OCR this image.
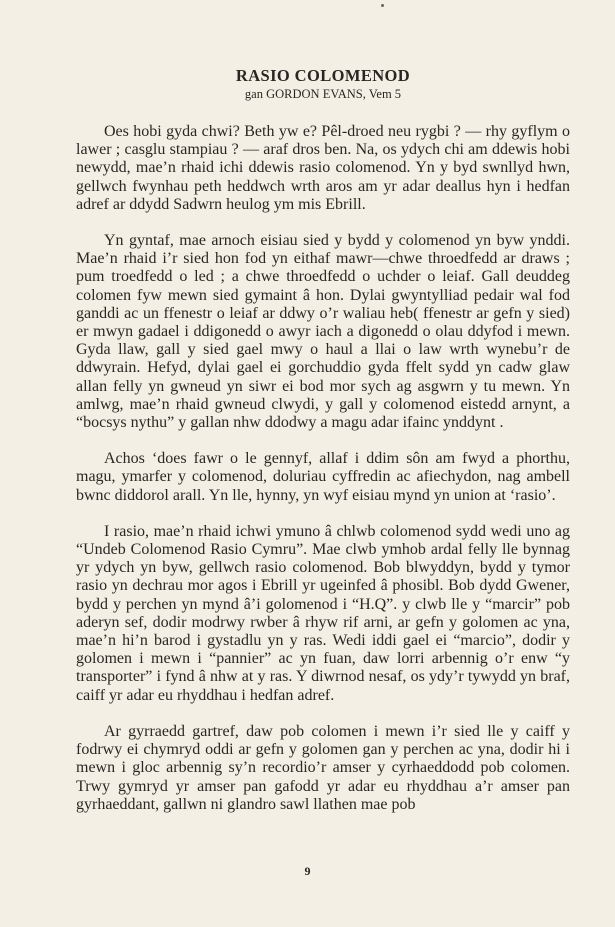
RASIO COLOMENOD
gan GORDON EVANS, Vem 5

Oes hobi gyda chwi? Beth yw e? Pêl-droed neu rygbi ? — rhy gyflym o lawer ; casglu stampiau ? — araf dros ben. Na, os ydych chi am ddewis hobi newydd, mae’n rhaid ichi ddewis rasio colomenod. Yn y byd swnllyd hwn, gellwch fwynhau peth heddwch wrth aros am yr adar deallus hyn i hedfan adref ar ddydd Sadwrn heulog ym mis Ebrill.

Yn gyntaf, mae arnoch eisiau sied y bydd y colomenod yn byw ynddi. Mae’n rhaid i’r sied hon fod yn eithaf mawr—chwe throedfedd ar draws ; pum troedfedd o led ; a chwe throedfedd o uchder o leiaf. Gall deuddeg colomen fyw mewn sied gymaint â hon. Dylai gwyntylliad pedair wal fod ganddi ac un ffenestr o leiaf ar ddwy o’r waliau heb( ffenestr ar gefn y sied) er mwyn gadael i ddigonedd o awyr iach a digonedd o olau ddyfod i mewn. Gyda llaw, gall y sied gael mwy o haul a llai o law wrth wynebu’r de ddwyrain. Hefyd, dylai gael ei gorchuddio gyda ffelt sydd yn cadw glaw allan felly yn gwneud yn siwr ei bod mor sych ag asgwrn y tu mewn. Yn amlwg, mae’n rhaid gwneud clwydi, y gall y colomenod eistedd arnynt, a “bocsys nythu” y gallan nhw ddodwy a magu adar ifainc ynddynt .

Achos ‘does fawr o le gennyf, allaf i ddim sôn am fwyd a phorthu, magu, ymarfer y colomenod, doluriau cyffredin ac afiechydon, nag ambell bwnc diddorol arall. Yn lle, hynny, yn wyf eisiau mynd yn union at ‘rasio’.

I rasio, mae’n rhaid ichwi ymuno â chlwb colomenod sydd wedi uno ag “Undeb Colomenod Rasio Cymru”. Mae clwb ymhob ardal felly lle bynnag yr ydych yn byw, gellwch rasio colomenod. Bob blwyddyn, bydd y tymor rasio yn dechrau mor agos i Ebrill yr ugeinfed â phosibl. Bob dydd Gwener, bydd y perchen yn mynd â’i golomenod i “H.Q”. y clwb lle y “marcir” pob aderyn sef, dodir modrwy rwber â rhyw rif arni, ar gefn y golomen ac yna, mae’n hi’n barod i gystadlu yn y ras. Wedi iddi gael ei “marcio”, dodir y golomen i mewn i “pannier” ac yn fuan, daw lorri arbennig o’r enw “y transporter” i fynd â nhw at y ras. Y diwrnod nesaf, os ydy’r tywydd yn braf, caiff yr adar eu rhyddhau i hedfan adref.

Ar gyrraedd gartref, daw pob colomen i mewn i’r sied lle y caiff y fodrwy ei chymryd oddi ar gefn y golomen gan y perchen ac yna, dodir hi i mewn i gloc arbennig sy’n recordio’r amser y cyrhaeddodd pob colomen. Trwy gymryd yr amser pan gafodd yr adar eu rhyddhau a’r amser pan gyrhaeddant, gallwn ni glandro sawl llathen mae pob

9
